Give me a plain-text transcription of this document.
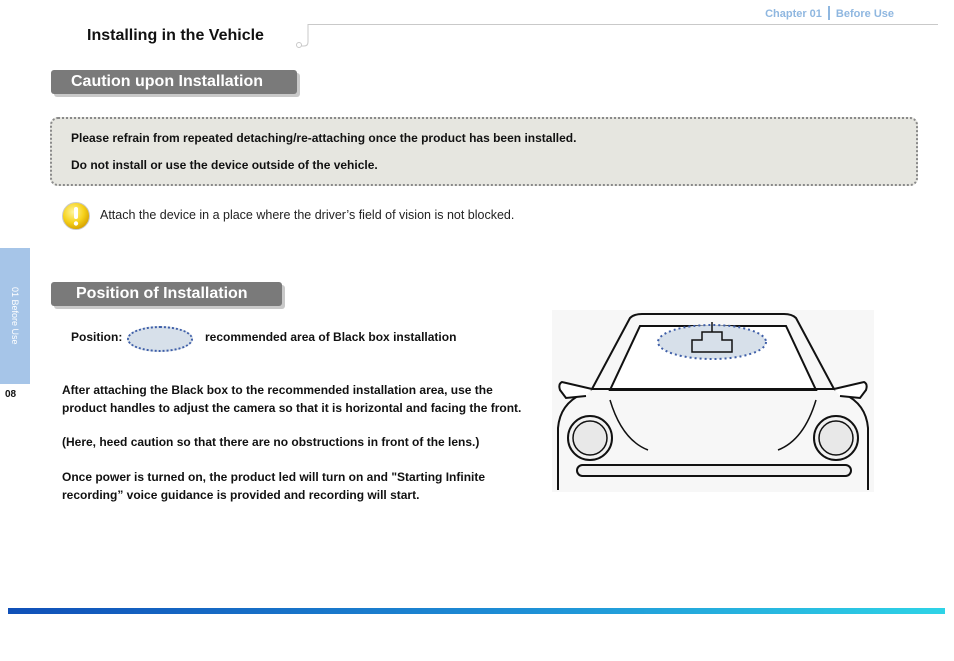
Chapter 01 Before Use
Installing in the Vehicle
01 Before Use
08
Caution upon Installation
Please refrain from repeated detaching/re-attaching once the product has been installed.
Do not install or use the device outside of the vehicle.
Attach the device in a place where the driver’s field of vision is not blocked.
Position of Installation
Position:	recommended area of Black box installation

After attaching the Black box to the recommended installation area, use the product handles to adjust the camera so that it is horizontal and facing the front.

(Here, heed caution so that there are no obstructions in front of the lens.)

Once power is turned on, the product led will turn on and "Starting Infinite recording” voice guidance is provided and recording will start.
